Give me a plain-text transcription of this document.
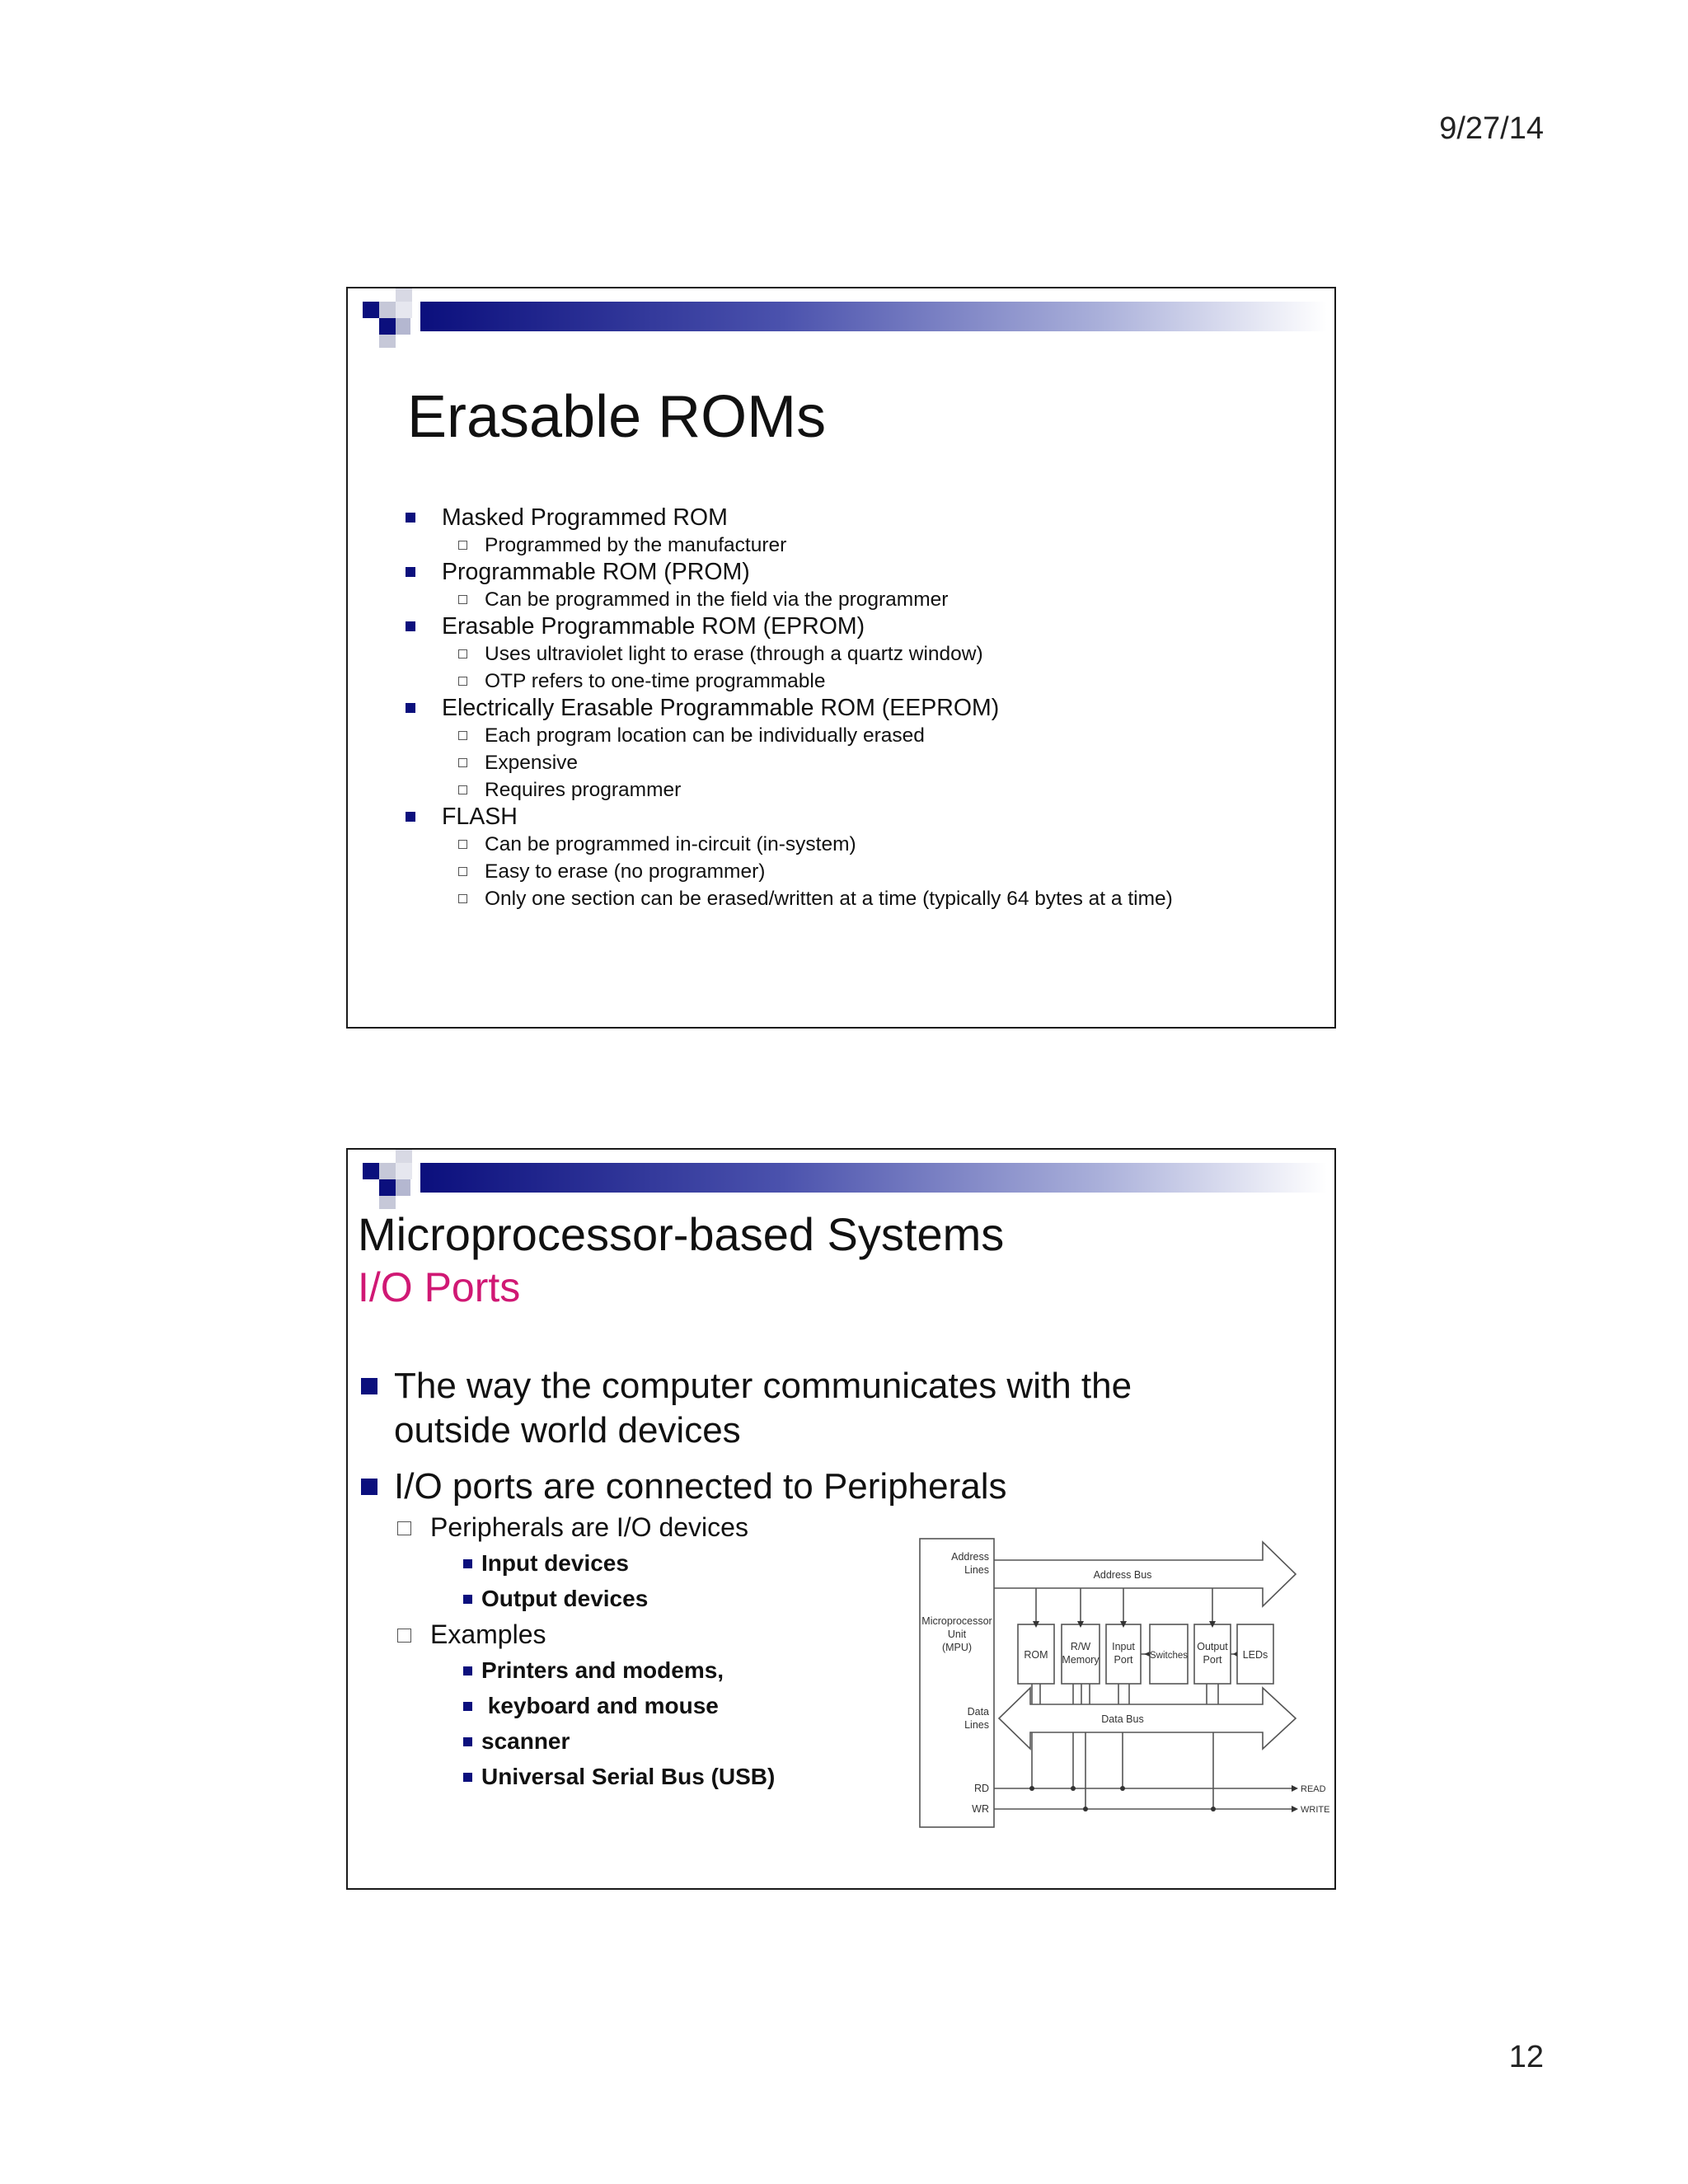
9/27/14
Erasable ROMs
Masked Programmed ROM
Programmed by the manufacturer
Programmable ROM (PROM)
Can be programmed in the field via the programmer
Erasable Programmable ROM (EPROM)
Uses ultraviolet light to erase (through a quartz window)
OTP refers to one-time programmable
Electrically Erasable Programmable ROM (EEPROM)
Each program location can be individually erased
Expensive
Requires programmer
FLASH
Can be programmed in-circuit (in-system)
Easy to erase (no programmer)
Only one section can be erased/written at a time (typically 64 bytes at a time)
Microprocessor-based Systems
I/O Ports
The way the computer communicates with the outside world devices
I/O ports are connected to Peripherals
Peripherals are I/O devices
Input devices
Output devices
Examples
Printers and modems,
keyboard and mouse
scanner
Universal Serial Bus (USB)
Address
Lines	Address Bus
Microprocessor
Unit
(MPU)
Data
Lines	Data Bus
RD
WR
READ
WRITE
ROM
R/W
Memory
Input
Port Switches
Output
Port LEDs
12
